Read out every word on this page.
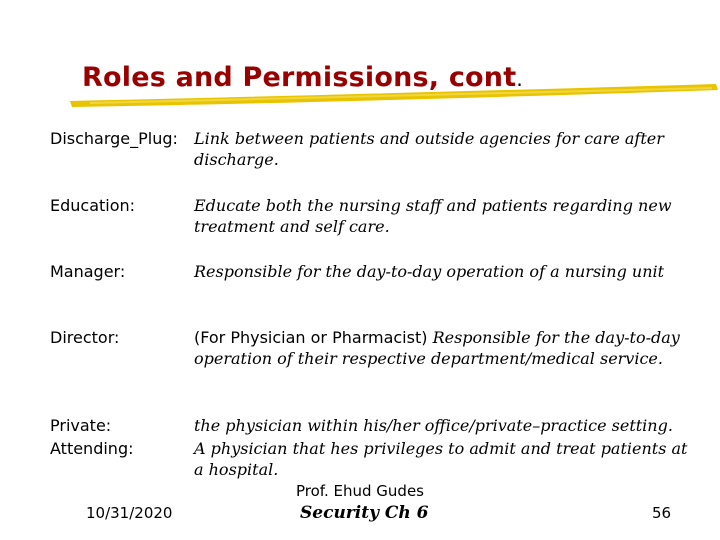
Roles and Permissions, cont.
Discharge_Plug: Link between patients and outside agencies for care after discharge.
Education:	Educate both the nursing staff and patients regarding new treatment and self care.
Manager:	Responsible for the day-to-day operation of a nursing unit
Director:	(For Physician or Pharmacist) Responsible for the day-to-day operation of their respective department/medical service.
Private:	the physician within his/her office/private–practice setting.
Attending:	A physician that hes privileges to admit and treat patients at a hospital.
10/31/2020
Prof. Ehud Gudes
Security Ch 6	56
